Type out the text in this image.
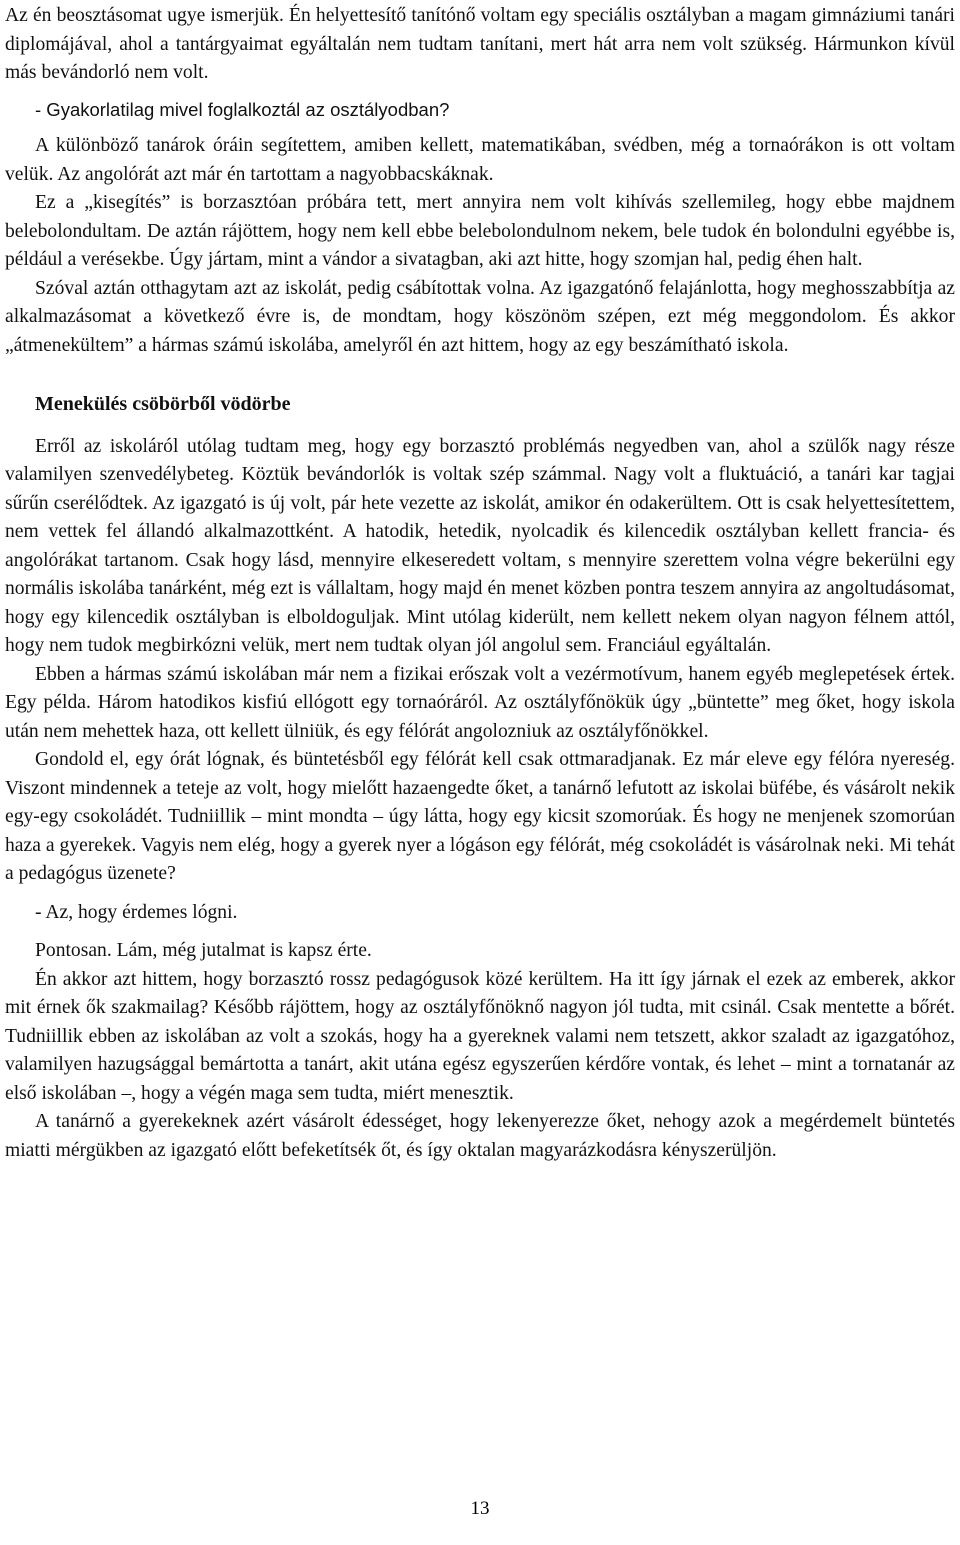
Az én beosztásomat ugye ismerjük. Én helyettesítő tanítónő voltam egy speciális osztályban a magam gimnáziumi tanári diplomájával, ahol a tantárgyaimat egyáltalán nem tudtam tanítani, mert hát arra nem volt szükség. Hármunkon kívül más bevándorló nem volt.

- Gyakorlatilag mivel foglalkoztál az osztályodban?

A különböző tanárok óráin segítettem, amiben kellett, matematikában, svédben, még a tornaórákon is ott voltam velük. Az angolórát azt már én tartottam a nagyobbacskáknak.

Ez a „kisegítés” is borzasztóan próbára tett, mert annyira nem volt kihívás szellemileg, hogy ebbe majdnem belebolondultam. De aztán rájöttem, hogy nem kell ebbe belebolondulnom nekem, bele tudok én bolondulni egyébbe is, például a verésekbe. Úgy jártam, mint a vándor a sivatagban, aki azt hitte, hogy szomjan hal, pedig éhen halt.

Szóval aztán otthagytam azt az iskolát, pedig csábítottak volna. Az igazgatónő felajánlotta, hogy meghosszabbítja az alkalmazásomat a következő évre is, de mondtam, hogy köszönöm szépen, ezt még meggondolom. És akkor „átmenekültem” a hármas számú iskolába, amelyről én azt hittem, hogy az egy beszámítható iskola.

Menekülés csöbörből vödörbe

Erről az iskoláról utólag tudtam meg, hogy egy borzasztó problémás negyedben van, ahol a szülők nagy része valamilyen szenvedélybeteg. Köztük bevándorlók is voltak szép számmal. Nagy volt a fluktuáció, a tanári kar tagjai sűrűn cserélődtek. Az igazgató is új volt, pár hete vezette az iskolát, amikor én odakerültem. Ott is csak helyettesítettem, nem vettek fel állandó alkalmazottként. A hatodik, hetedik, nyolcadik és kilencedik osztályban kellett francia- és angolórákat tartanom. Csak hogy lásd, mennyire elkeseredett voltam, s mennyire szerettem volna végre bekerülni egy normális iskolába tanárként, még ezt is vállaltam, hogy majd én menet közben pontra teszem annyira az angoltudásomat, hogy egy kilencedik osztályban is elboldoguljak. Mint utólag kiderült, nem kellett nekem olyan nagyon félnem attól, hogy nem tudok megbirkózni velük, mert nem tudtak olyan jól angolul sem. Franciául egyáltalán.

Ebben a hármas számú iskolában már nem a fizikai erőszak volt a vezérmotívum, hanem egyéb meglepetések értek. Egy példa. Három hatodikos kisfiú ellógott egy tornaóráról. Az osztályfőnökük úgy „büntette” meg őket, hogy iskola után nem mehettek haza, ott kellett ülniük, és egy félórát angolozniuk az osztályfőnökkel.

Gondold el, egy órát lógnak, és büntetésből egy félórát kell csak ottmaradjanak. Ez már eleve egy félóra nyereség. Viszont mindennek a teteje az volt, hogy mielőtt hazaengedte őket, a tanárnő lefutott az iskolai büfébe, és vásárolt nekik egy-egy csokoládét. Tudniillik – mint mondta – úgy látta, hogy egy kicsit szomorúak. És hogy ne menjenek szomorúan haza a gyerekek. Vagyis nem elég, hogy a gyerek nyer a lógáson egy félórát, még csokoládét is vásárolnak neki. Mi tehát a pedagógus üzenete?

- Az, hogy érdemes lógni.

Pontosan. Lám, még jutalmat is kapsz érte.

Én akkor azt hittem, hogy borzasztó rossz pedagógusok közé kerültem. Ha itt így járnak el ezek az emberek, akkor mit érnek ők szakmailag? Később rájöttem, hogy az osztályfőnöknő nagyon jól tudta, mit csinál. Csak mentette a bőrét. Tudniillik ebben az iskolában az volt a szokás, hogy ha a gyereknek valami nem tetszett, akkor szaladt az igazgatóhoz, valamilyen hazugsággal bemártotta a tanárt, akit utána egész egyszerűen kérdőre vontak, és lehet – mint a tornatanár az első iskolában –, hogy a végén maga sem tudta, miért menesztik.

A tanárnő a gyerekeknek azért vásárolt édességet, hogy lekenyerezze őket, nehogy azok a megérdemelt büntetés miatti mérgükben az igazgató előtt befeketítsék őt, és így oktalan magyarázkodásra kényszerüljön.

13
